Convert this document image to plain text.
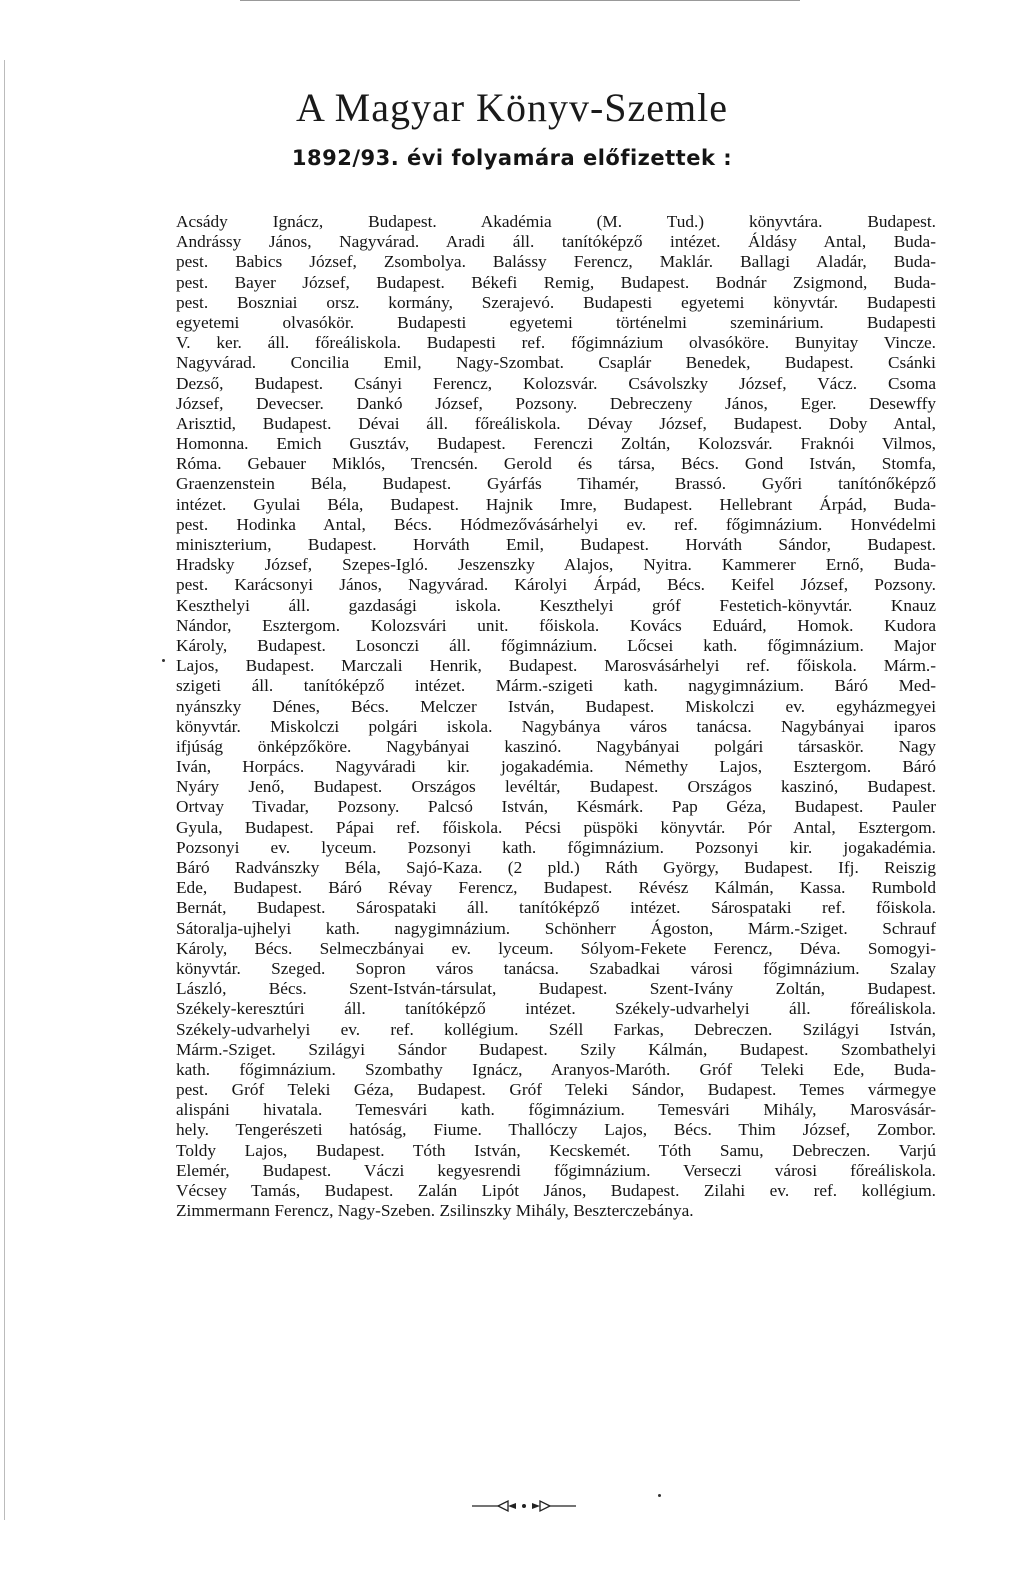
A Magyar Könyv-Szemle
1892/93. évi folyamára előfizettek :
Acsády Ignácz, Budapest. Akadémia (M. Tud.) könyvtára. Budapest.
Andrássy János, Nagyvárad. Aradi áll. tanítóképző intézet. Áldásy Antal, Buda-
pest. Babics József, Zsombolya. Balássy Ferencz, Maklár. Ballagi Aladár, Buda-
pest. Bayer József, Budapest. Békefi Remig, Budapest. Bodnár Zsigmond, Buda-
pest. Boszniai orsz. kormány, Szerajevó. Budapesti egyetemi könyvtár. Budapesti
egyetemi olvasókör. Budapesti egyetemi történelmi szeminárium. Budapesti
V. ker. áll. főreáliskola. Budapesti ref. főgimnázium olvasóköre. Bunyitay Vincze.
Nagyvárad. Concilia Emil, Nagy-Szombat. Csaplár Benedek, Budapest. Csánki
Dezső, Budapest. Csányi Ferencz, Kolozsvár. Csávolszky József, Vácz. Csoma
József, Devecser. Dankó József, Pozsony. Debreczeny János, Eger. Desewffy
Arisztid, Budapest. Dévai áll. főreáliskola. Dévay József, Budapest. Doby Antal,
Homonna. Emich Gusztáv, Budapest. Ferenczi Zoltán, Kolozsvár. Fraknói Vilmos,
Róma. Gebauer Miklós, Trencsén. Gerold és társa, Bécs. Gond István, Stomfa,
Graenzenstein Béla, Budapest. Gyárfás Tihamér, Brassó. Győri tanítónőképző
intézet. Gyulai Béla, Budapest. Hajnik Imre, Budapest. Hellebrant Árpád, Buda-
pest. Hodinka Antal, Bécs. Hódmezővásárhelyi ev. ref. főgimnázium. Honvédelmi
miniszterium, Budapest. Horváth Emil, Budapest. Horváth Sándor, Budapest.
Hradsky József, Szepes-Igló. Jeszenszky Alajos, Nyitra. Kammerer Ernő, Buda-
pest. Karácsonyi János, Nagyvárad. Károlyi Árpád, Bécs. Keifel József, Pozsony.
Keszthelyi áll. gazdasági iskola. Keszthelyi gróf Festetich-könyvtár. Knauz
Nándor, Esztergom. Kolozsvári unit. főiskola. Kovács Eduárd, Homok. Kudora
Károly, Budapest. Losonczi áll. főgimnázium. Lőcsei kath. főgimnázium. Major
Lajos, Budapest. Marczali Henrik, Budapest. Marosvásárhelyi ref. főiskola. Márm.-
szigeti áll. tanítóképző intézet. Márm.-szigeti kath. nagygimnázium. Báró Med-
nyánszky Dénes, Bécs. Melczer István, Budapest. Miskolczi ev. egyházmegyei
könyvtár. Miskolczi polgári iskola. Nagybánya város tanácsa. Nagybányai iparos
ifjúság önképzőköre. Nagybányai kaszinó. Nagybányai polgári társaskör. Nagy
Iván, Horpács. Nagyváradi kir. jogakadémia. Némethy Lajos, Esztergom. Báró
Nyáry Jenő, Budapest. Országos levéltár, Budapest. Országos kaszinó, Budapest.
Ortvay Tivadar, Pozsony. Palcsó István, Késmárk. Pap Géza, Budapest. Pauler
Gyula, Budapest. Pápai ref. főiskola. Pécsi püspöki könyvtár. Pór Antal, Esztergom.
Pozsonyi ev. lyceum. Pozsonyi kath. főgimnázium. Pozsonyi kir. jogakadémia.
Báró Radvánszky Béla, Sajó-Kaza. (2 pld.) Ráth György, Budapest. Ifj. Reiszig
Ede, Budapest. Báró Révay Ferencz, Budapest. Révész Kálmán, Kassa. Rumbold
Bernát, Budapest. Sárospataki áll. tanítóképző intézet. Sárospataki ref. főiskola.
Sátoralja-ujhelyi kath. nagygimnázium. Schönherr Ágoston, Márm.-Sziget. Schrauf
Károly, Bécs. Selmeczbányai ev. lyceum. Sólyom-Fekete Ferencz, Déva. Somogyi-
könyvtár. Szeged. Sopron város tanácsa. Szabadkai városi főgimnázium. Szalay
László, Bécs. Szent-István-társulat, Budapest. Szent-Ivány Zoltán, Budapest.
Székely-keresztúri áll. tanítóképző intézet. Székely-udvarhelyi áll. főreáliskola.
Székely-udvarhelyi ev. ref. kollégium. Széll Farkas, Debreczen. Szilágyi István,
Márm.-Sziget. Szilágyi Sándor Budapest. Szily Kálmán, Budapest. Szombathelyi
kath. főgimnázium. Szombathy Ignácz, Aranyos-Maróth. Gróf Teleki Ede, Buda-
pest. Gróf Teleki Géza, Budapest. Gróf Teleki Sándor, Budapest. Temes vármegye
alispáni hivatala. Temesvári kath. főgimnázium. Temesvári Mihály, Marosvásár-
hely. Tengerészeti hatóság, Fiume. Thallóczy Lajos, Bécs. Thim József, Zombor.
Toldy Lajos, Budapest. Tóth István, Kecskemét. Tóth Samu, Debreczen. Varjú
Elemér, Budapest. Váczi kegyesrendi főgimnázium. Verseczi városi főreáliskola.
Vécsey Tamás, Budapest. Zalán Lipót János, Budapest. Zilahi ev. ref. kollégium.
Zimmermann Ferencz, Nagy-Szeben. Zsilinszky Mihály, Beszterczebánya.
